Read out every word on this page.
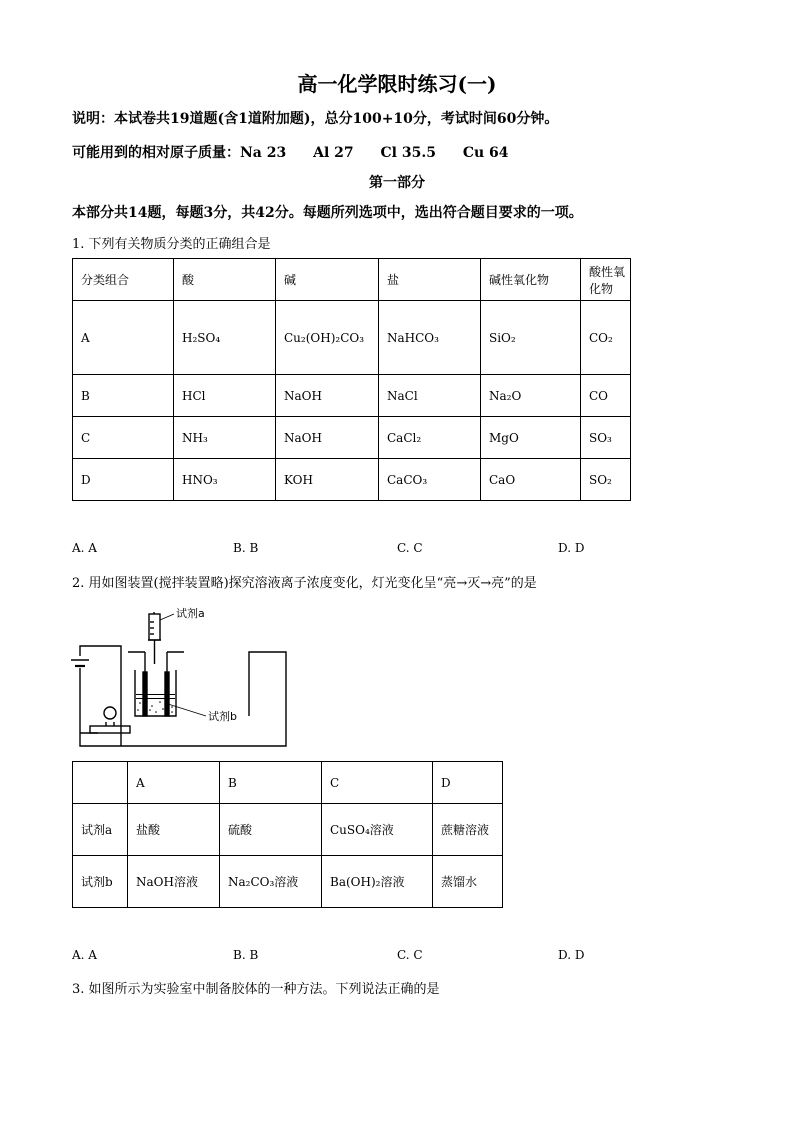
高一化学限时练习(一)
说明：本试卷共19道题(含1道附加题)，总分100+10分，考试时间60分钟。
可能用到的相对原子质量：Na 23 Al 27 Cl 35.5 Cu 64
第一部分
本部分共14题，每题3分，共42分。每题所列选项中，选出符合题目要求的一项。
1. 下列有关物质分类的正确组合是
分类组合	酸	碱	盐	碱性氧化物	酸性氧化物
A	H₂SO₄	Cu₂(OH)₂CO₃	NaHCO₃	SiO₂	CO₂
B	HCl	NaOH	NaCl	Na₂O	CO
C	NH₃	NaOH	CaCl₂	MgO	SO₃
D	HNO₃	KOH	CaCO₃	CaO	SO₂
A. A	B. B	C. C	D. D
2. 用如图装置(搅拌装置略)探究溶液离子浓度变化，灯光变化呈“亮→灭→亮”的是
试剂a
试剂b
	A	B	C	D
试剂a	盐酸	硫酸	CuSO₄溶液	蔗糖溶液
试剂b	NaOH溶液	Na₂CO₃溶液	Ba(OH)₂溶液	蒸馏水
A. A	B. B	C. C	D. D
3. 如图所示为实验室中制备胶体的一种方法。下列说法正确的是
